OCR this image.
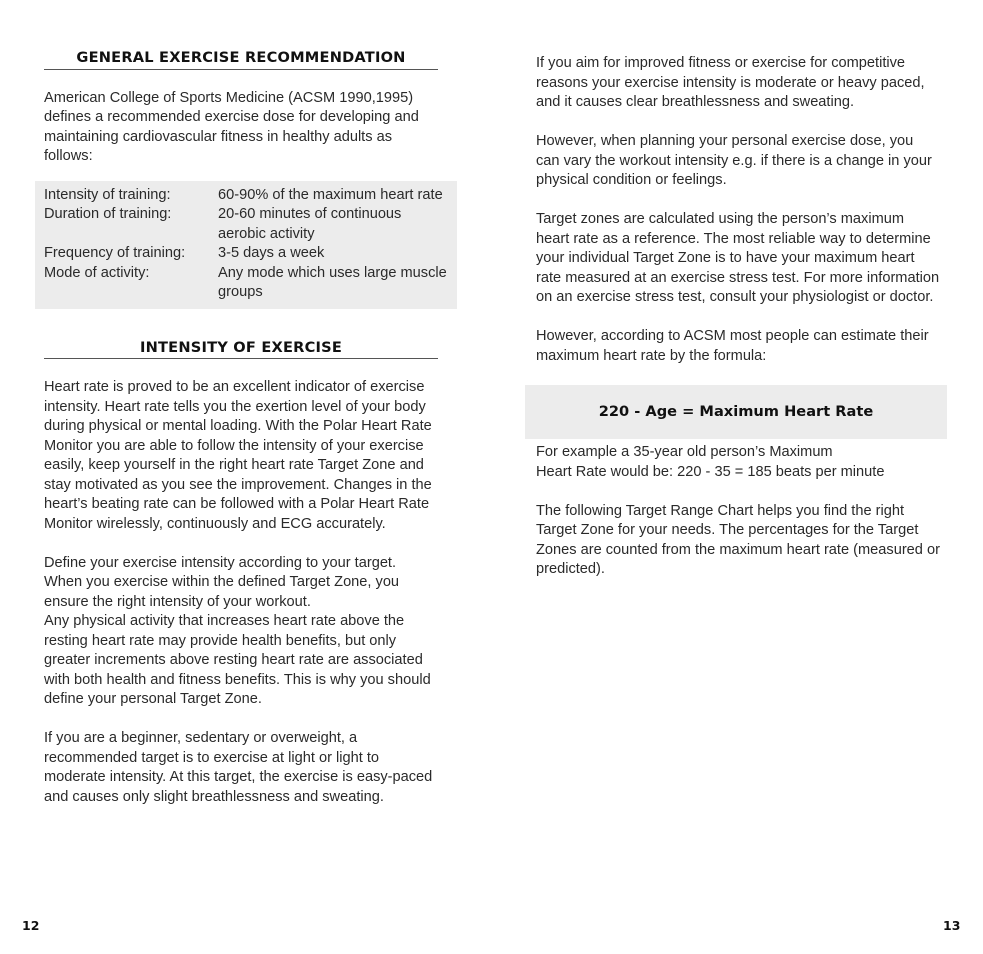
GENERAL EXERCISE RECOMMENDATION

American College of Sports Medicine (ACSM 1990,1995) defines a recommended exercise dose for developing and maintaining cardiovascular fitness in healthy adults as follows:

Intensity of training:	60-90% of the maximum heart rate
Duration of training:	20-60 minutes of continuous aerobic activity
Frequency of training:	3-5 days a week
Mode of activity:	Any mode which uses large muscle groups
INTENSITY OF EXERCISE

Heart rate is proved to be an excellent indicator of exercise intensity. Heart rate tells you the exertion level of your body during physical or mental loading. With the Polar Heart Rate Monitor you are able to follow the intensity of your exercise easily, keep yourself in the right heart rate Target Zone and stay motivated as you see the improvement. Changes in the heart’s beating rate can be followed with a Polar Heart Rate Monitor wirelessly, continuously and ECG accurately.

Define your exercise intensity according to your target. When you exercise within the defined Target Zone, you ensure the right intensity of your workout.

Any physical activity that increases heart rate above the resting heart rate may provide health benefits, but only greater increments above resting heart rate are associated with both health and fitness benefits. This is why you should define your personal Target Zone.

If you are a beginner, sedentary or overweight, a recommended target is to exercise at light or light to moderate intensity. At this target, the exercise is easy-paced and causes only slight breathlessness and sweating.

If you aim for improved fitness or exercise for competitive reasons your exercise intensity is moderate or heavy paced, and it causes clear breathlessness and sweating.

However, when planning your personal exercise dose, you can vary the workout intensity e.g. if there is a change in your physical condition or feelings.

Target zones are calculated using the person’s maximum heart rate as a reference. The most reliable way to determine your individual Target Zone is to have your maximum heart rate measured at an exercise stress test. For more information on an exercise stress test, consult your physiologist or doctor.

However, according to ACSM most people can estimate their maximum heart rate by the formula:

220 - Age = Maximum Heart Rate

For example a 35-year old person’s Maximum

Heart Rate would be: 220 - 35 = 185 beats per minute

The following Target Range Chart helps you find the right Target Zone for your needs. The percentages for the Target Zones are counted from the maximum heart rate (measured or predicted).

12	13
